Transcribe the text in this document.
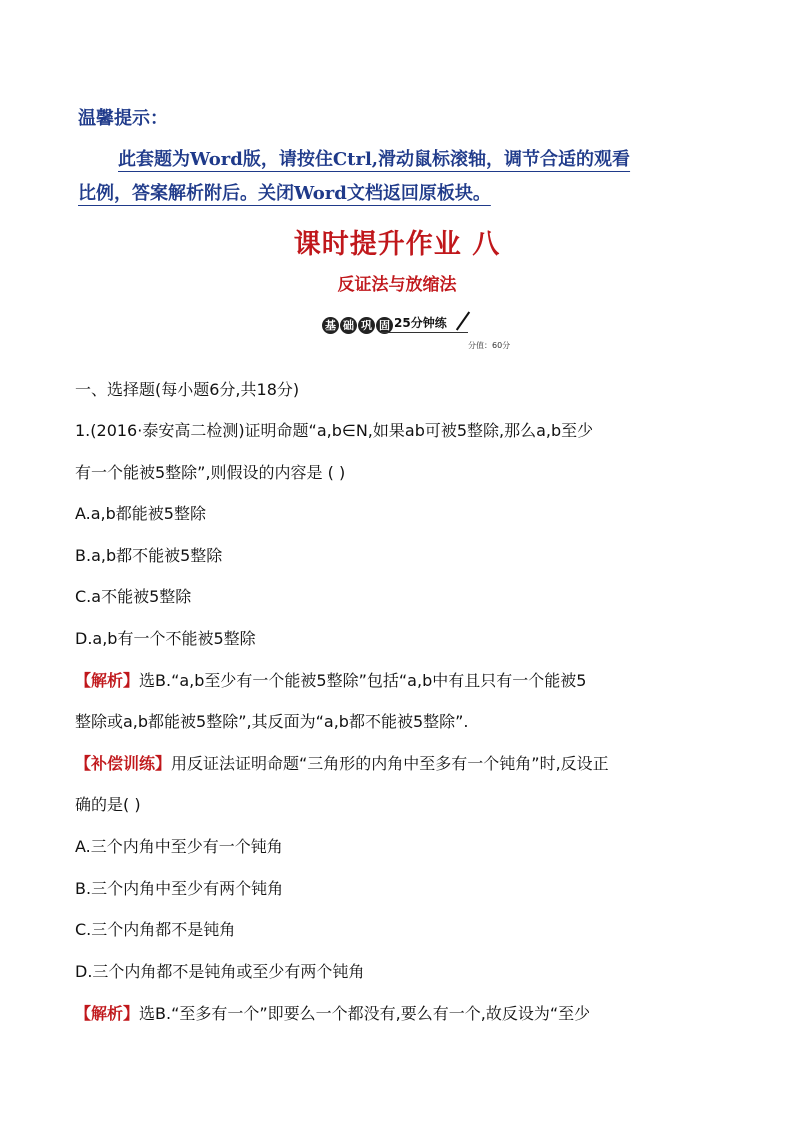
温馨提示：
此套题为Word版，请按住Ctrl,滑动鼠标滚轴，调节合适的观看
比例，答案解析附后。关闭Word文档返回原板块。
课时提升作业 八
反证法与放缩法
基 础 巩 固 25分钟练
分值：60分
一、选择题(每小题6分,共18分)
1.(2016·泰安高二检测)证明命题“a,b∈N,如果ab可被5整除,那么a,b至少
有一个能被5整除”,则假设的内容是 ( )
A.a,b都能被5整除
B.a,b都不能被5整除
C.a不能被5整除
D.a,b有一个不能被5整除
【解析】选B.“a,b至少有一个能被5整除”包括“a,b中有且只有一个能被5
整除或a,b都能被5整除”,其反面为“a,b都不能被5整除”.
【补偿训练】用反证法证明命题“三角形的内角中至多有一个钝角”时,反设正
确的是( )
A.三个内角中至少有一个钝角
B.三个内角中至少有两个钝角
C.三个内角都不是钝角
D.三个内角都不是钝角或至少有两个钝角
【解析】选B.“至多有一个”即要么一个都没有,要么有一个,故反设为“至少
